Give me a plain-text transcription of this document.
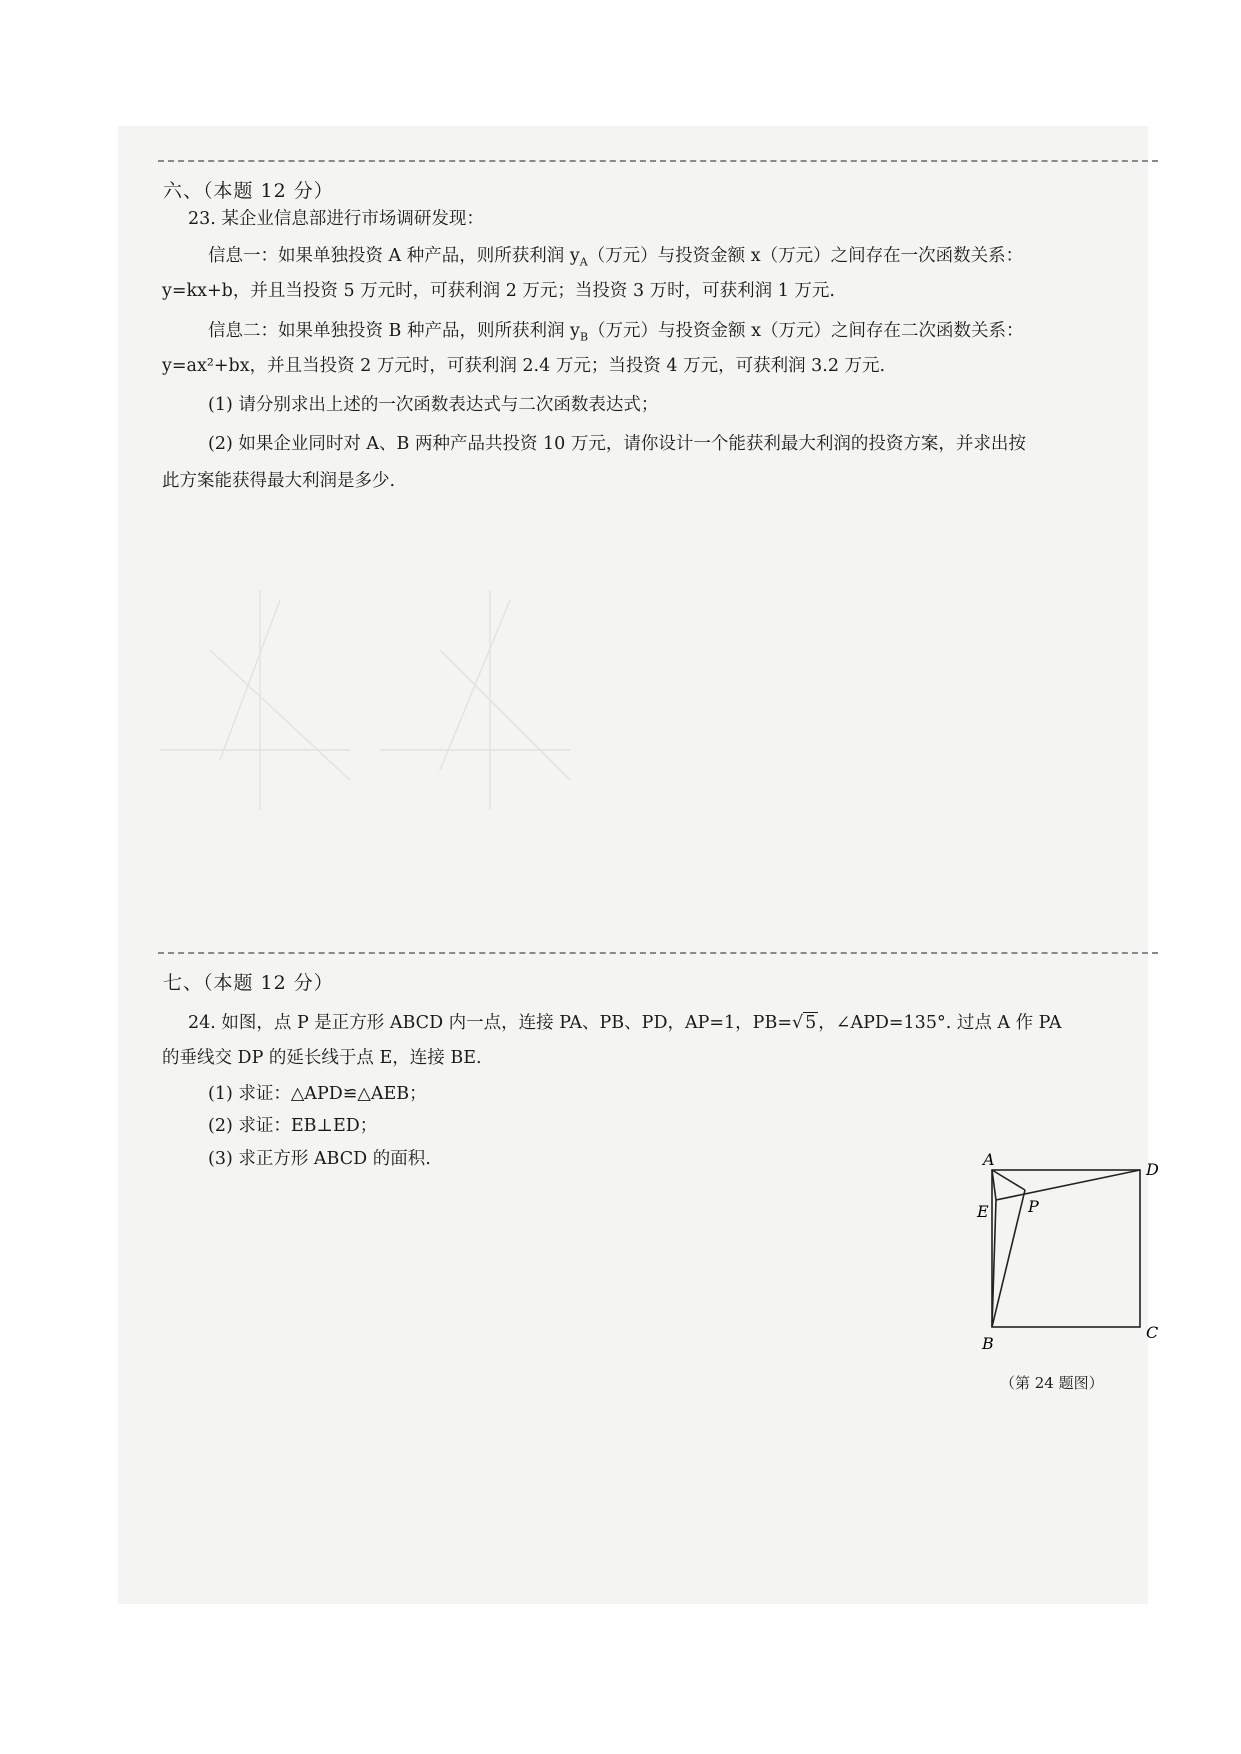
六、（本题 12 分）
23. 某企业信息部进行市场调研发现：
信息一：如果单独投资 A 种产品，则所获利润 $y_A$（万元）与投资金额 x（万元）之间存在一次函数关系：
y=kx+b，并且当投资 5 万元时，可获利润 2 万元；当投资 3 万时，可获利润 1 万元.
信息二：如果单独投资 B 种产品，则所获利润 $y_B$（万元）与投资金额 x（万元）之间存在二次函数关系：
y=ax²+bx，并且当投资 2 万元时，可获利润 2.4 万元；当投资 4 万元，可获利润 3.2 万元.
(1) 请分别求出上述的一次函数表达式与二次函数表达式；
(2) 如果企业同时对 A、B 两种产品共投资 10 万元，请你设计一个能获利最大利润的投资方案，并求出按
此方案能获得最大利润是多少.
七、（本题 12 分）
24. 如图，点 P 是正方形 ABCD 内一点，连接 PA、PB、PD，AP=1，PB=√ 5 ，∠APD=135°. 过点 A 作 PA
的垂线交 DP 的延长线于点 E，连接 BE.
(1) 求证：△APD≌△AEB；
(2) 求证：EB⊥ED；
(3) 求正方形 ABCD 的面积.	A
D
E P
B
C
（第 24 题图）
